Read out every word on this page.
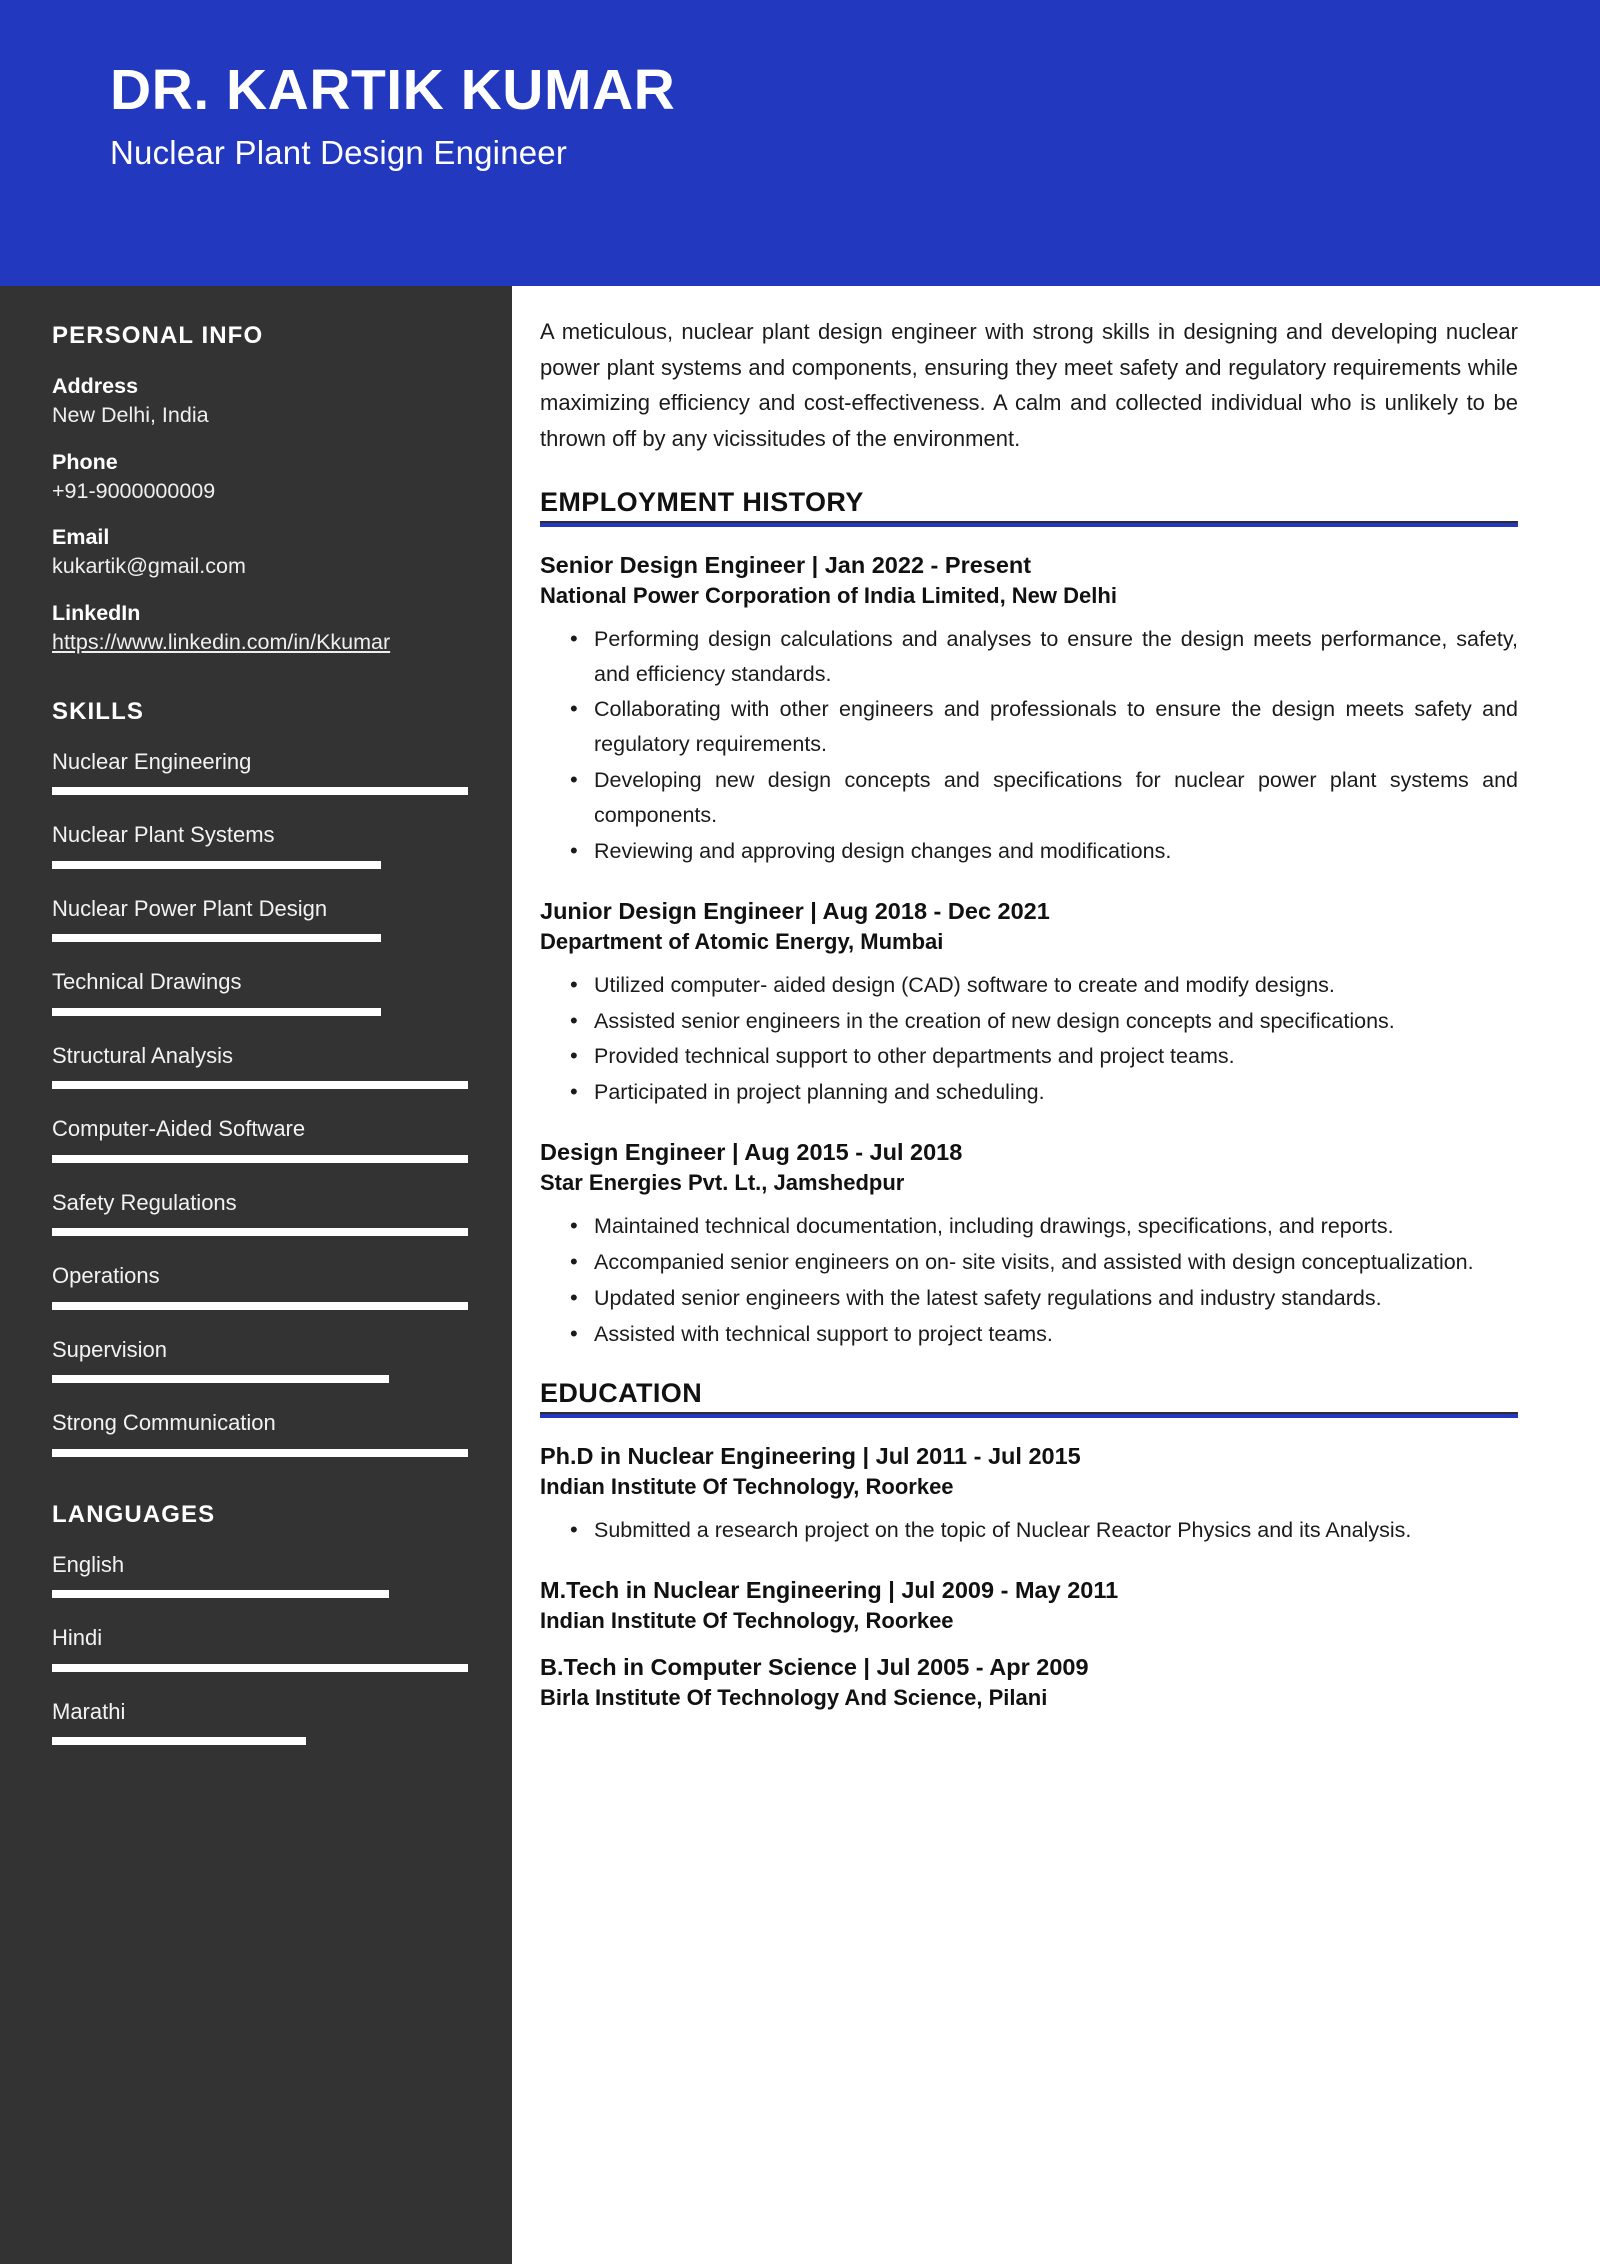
DR. KARTIK KUMAR
Nuclear Plant Design Engineer
PERSONAL INFO
Address
New Delhi, India
Phone
+91-9000000009
Email
kukartik@gmail.com
LinkedIn
https://www.linkedin.com/in/Kkumar
SKILLS
Nuclear Engineering
Nuclear Plant Systems
Nuclear Power Plant Design
Technical Drawings
Structural Analysis
Computer-Aided Software
Safety Regulations
Operations
Supervision
Strong Communication
LANGUAGES
English
Hindi
Marathi

A meticulous, nuclear plant design engineer with strong skills in designing and developing nuclear power plant systems and components, ensuring they meet safety and regulatory requirements while maximizing efficiency and cost-effectiveness. A calm and collected individual who is unlikely to be thrown off by any vicissitudes of the environment.

EMPLOYMENT HISTORY
Senior Design Engineer | Jan 2022 - Present
National Power Corporation of India Limited, New Delhi
• Performing design calculations and analyses to ensure the design meets performance, safety, and efficiency standards.
• Collaborating with other engineers and professionals to ensure the design meets safety and regulatory requirements.
• Developing new design concepts and specifications for nuclear power plant systems and components.
• Reviewing and approving design changes and modifications.
Junior Design Engineer | Aug 2018 - Dec 2021
Department of Atomic Energy, Mumbai
• Utilized computer- aided design (CAD) software to create and modify designs.
• Assisted senior engineers in the creation of new design concepts and specifications.
• Provided technical support to other departments and project teams.
• Participated in project planning and scheduling.
Design Engineer | Aug 2015 - Jul 2018
Star Energies Pvt. Lt., Jamshedpur
• Maintained technical documentation, including drawings, specifications, and reports.
• Accompanied senior engineers on on- site visits, and assisted with design conceptualization.
• Updated senior engineers with the latest safety regulations and industry standards.
• Assisted with technical support to project teams.
EDUCATION
Ph.D in Nuclear Engineering | Jul 2011 - Jul 2015
Indian Institute Of Technology, Roorkee
• Submitted a research project on the topic of Nuclear Reactor Physics and its Analysis.
M.Tech in Nuclear Engineering | Jul 2009 - May 2011
Indian Institute Of Technology, Roorkee
B.Tech in Computer Science | Jul 2005 - Apr 2009
Birla Institute Of Technology And Science, Pilani
